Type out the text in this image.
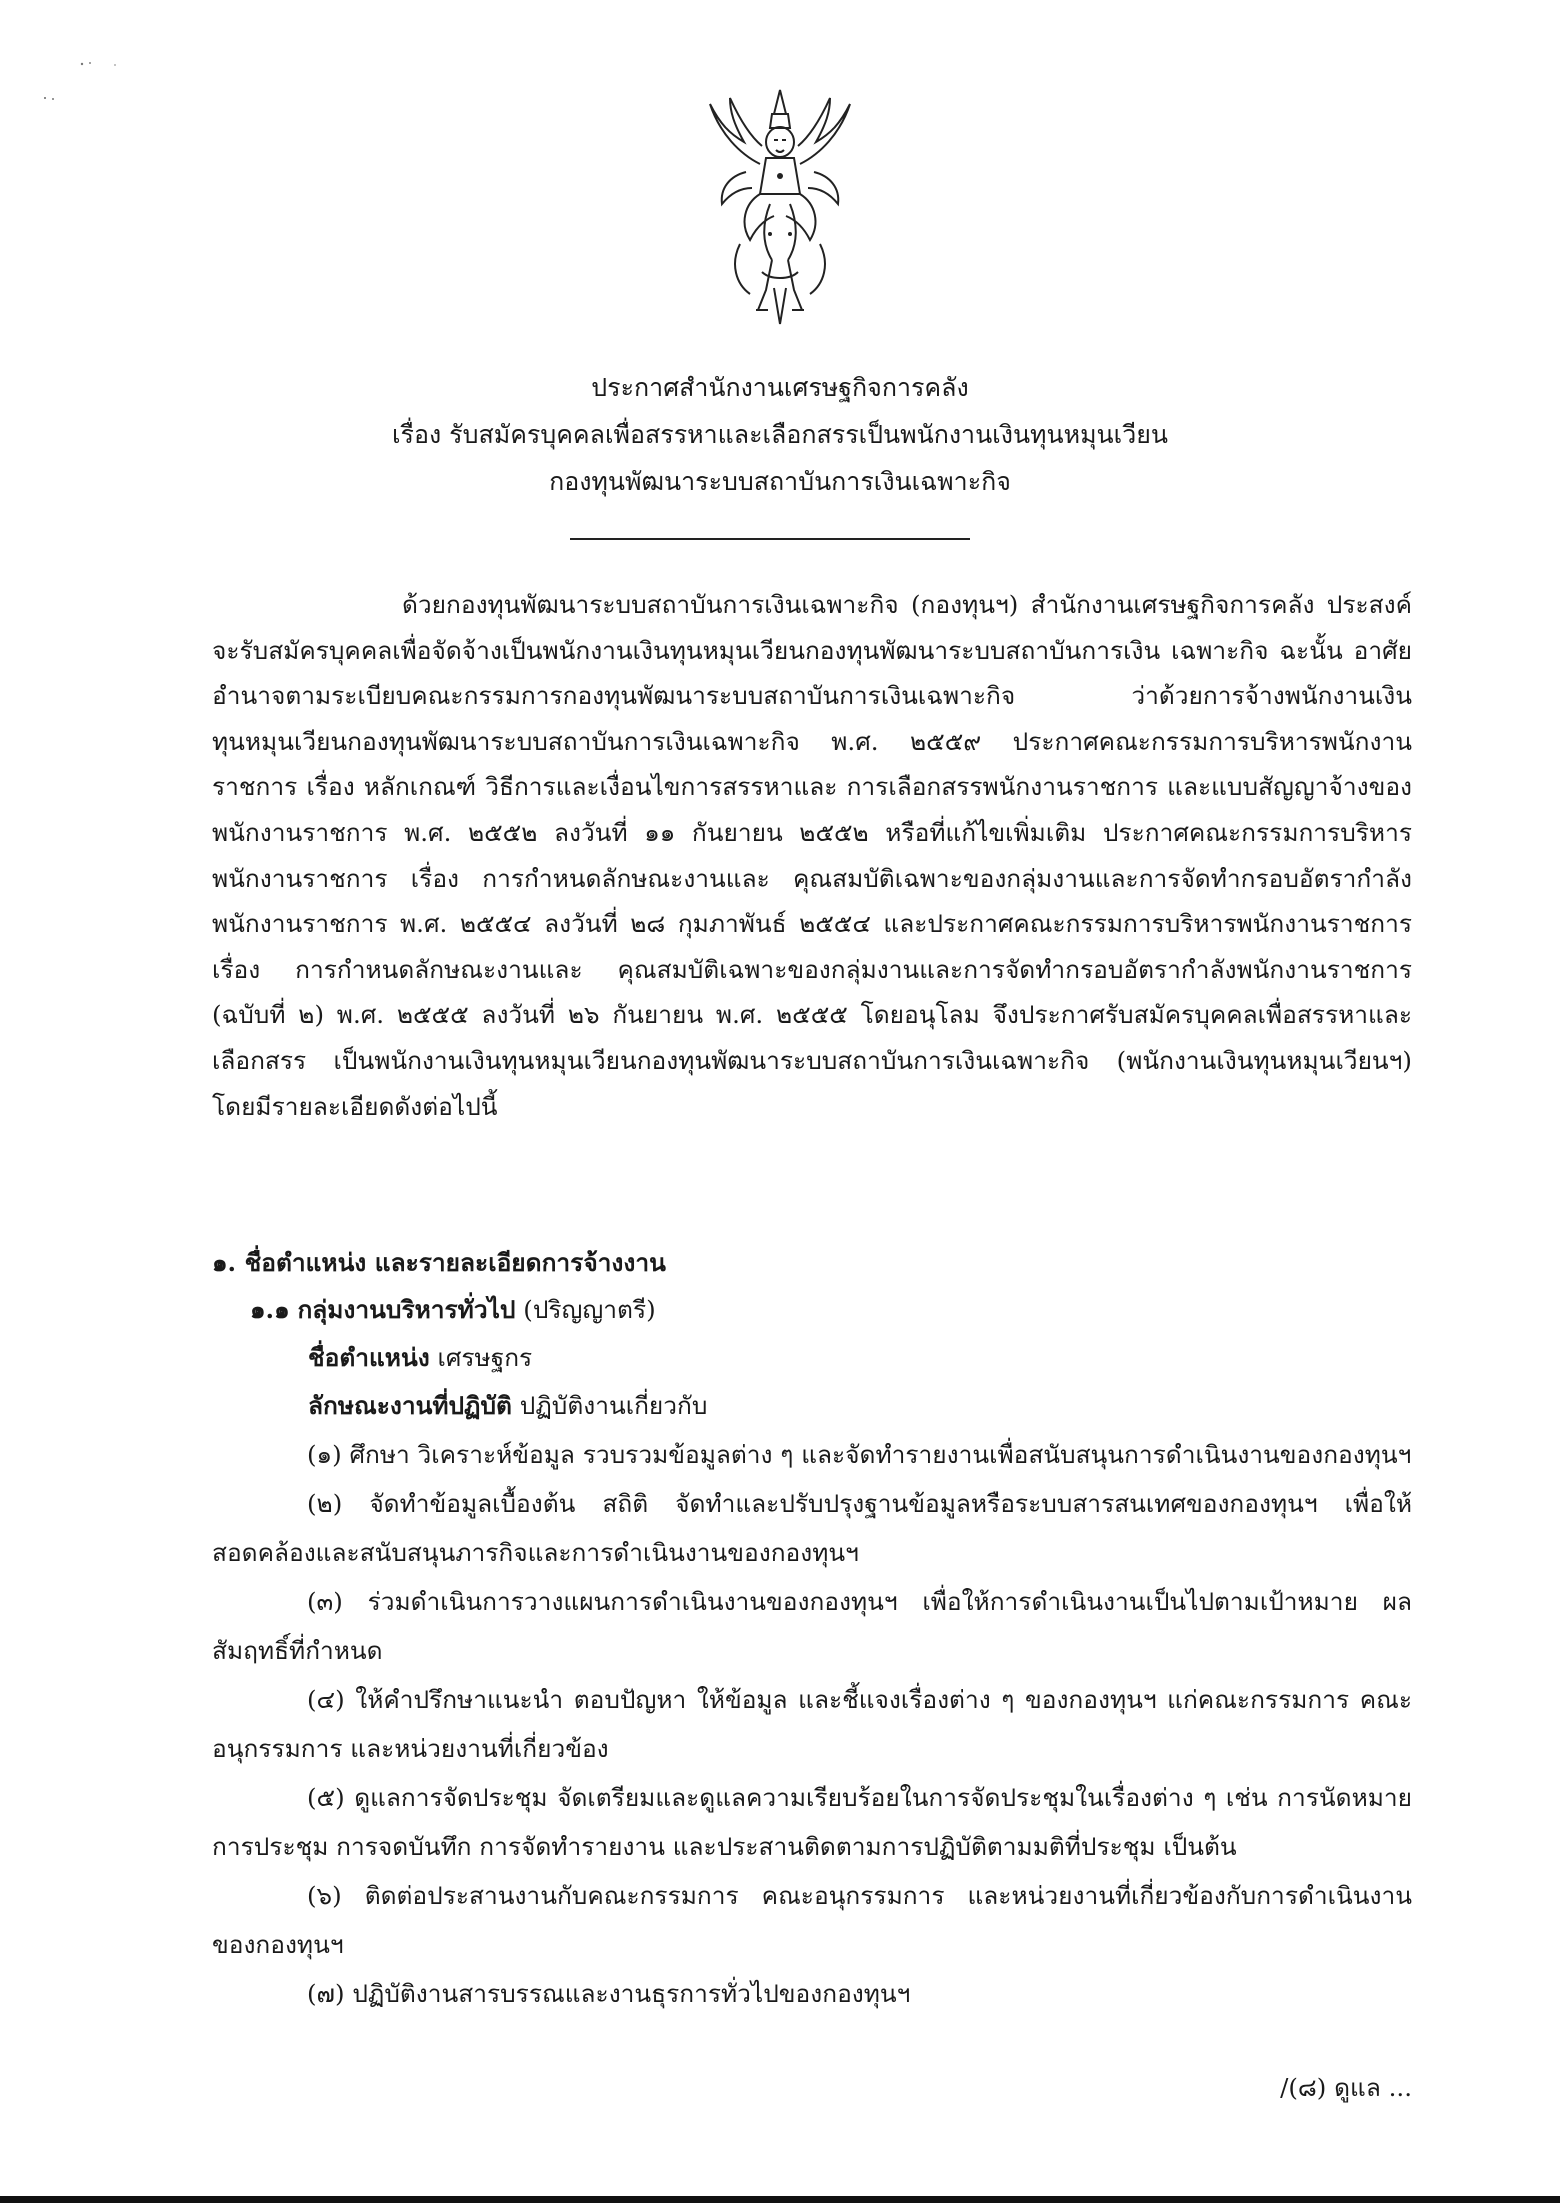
ประกาศสำนักงานเศรษฐกิจการคลัง
เรื่อง รับสมัครบุคคลเพื่อสรรหาและเลือกสรรเป็นพนักงานเงินทุนหมุนเวียน
กองทุนพัฒนาระบบสถาบันการเงินเฉพาะกิจ

ด้วยกองทุนพัฒนาระบบสถาบันการเงินเฉพาะกิจ (กองทุนฯ) สำนักงานเศรษฐกิจการคลัง ประสงค์จะรับสมัครบุคคลเพื่อจัดจ้างเป็นพนักงานเงินทุนหมุนเวียนกองทุนพัฒนาระบบสถาบันการเงิน เฉพาะกิจ ฉะนั้น อาศัยอำนาจตามระเบียบคณะกรรมการกองทุนพัฒนาระบบสถาบันการเงินเฉพาะกิจ ว่าด้วยการจ้างพนักงานเงินทุนหมุนเวียนกองทุนพัฒนาระบบสถาบันการเงินเฉพาะกิจ พ.ศ. ๒๕๕๙ ประกาศคณะกรรมการบริหารพนักงานราชการ เรื่อง หลักเกณฑ์ วิธีการและเงื่อนไขการสรรหาและ การเลือกสรรพนักงานราชการ และแบบสัญญาจ้างของพนักงานราชการ พ.ศ. ๒๕๕๒ ลงวันที่ ๑๑ กันยายน ๒๕๕๒ หรือที่แก้ไขเพิ่มเติม ประกาศคณะกรรมการบริหารพนักงานราชการ เรื่อง การกำหนดลักษณะงานและ คุณสมบัติเฉพาะของกลุ่มงานและการจัดทำกรอบอัตรากำลังพนักงานราชการ พ.ศ. ๒๕๕๔ ลงวันที่ ๒๘ กุมภาพันธ์ ๒๕๕๔ และประกาศคณะกรรมการบริหารพนักงานราชการ เรื่อง การกำหนดลักษณะงานและ คุณสมบัติเฉพาะของกลุ่มงานและการจัดทำกรอบอัตรากำลังพนักงานราชการ (ฉบับที่ ๒) พ.ศ. ๒๕๕๕ ลงวันที่ ๒๖ กันยายน พ.ศ. ๒๕๕๕ โดยอนุโลม จึงประกาศรับสมัครบุคคลเพื่อสรรหาและเลือกสรร เป็นพนักงานเงินทุนหมุนเวียนกองทุนพัฒนาระบบสถาบันการเงินเฉพาะกิจ (พนักงานเงินทุนหมุนเวียนฯ) โดยมีรายละเอียดดังต่อไปนี้

๑. ชื่อตำแหน่ง และรายละเอียดการจ้างงาน
๑.๑ กลุ่มงานบริหารทั่วไป (ปริญญาตรี)
ชื่อตำแหน่ง เศรษฐกร
ลักษณะงานที่ปฏิบัติ ปฏิบัติงานเกี่ยวกับ
(๑) ศึกษา วิเคราะห์ข้อมูล รวบรวมข้อมูลต่าง ๆ และจัดทำรายงานเพื่อสนับสนุนการดำเนินงานของกองทุนฯ
(๒) จัดทำข้อมูลเบื้องต้น สถิติ จัดทำและปรับปรุงฐานข้อมูลหรือระบบสารสนเทศของกองทุนฯ เพื่อให้ สอดคล้องและสนับสนุนภารกิจและการดำเนินงานของกองทุนฯ
(๓) ร่วมดำเนินการวางแผนการดำเนินงานของกองทุนฯ เพื่อให้การดำเนินงานเป็นไปตามเป้าหมาย ผลสัมฤทธิ์ที่กำหนด
(๔) ให้คำปรึกษาแนะนำ ตอบปัญหา ให้ข้อมูล และชี้แจงเรื่องต่าง ๆ ของกองทุนฯ แก่คณะกรรมการ คณะอนุกรรมการ และหน่วยงานที่เกี่ยวข้อง
(๕) ดูแลการจัดประชุม จัดเตรียมและดูแลความเรียบร้อยในการจัดประชุมในเรื่องต่าง ๆ เช่น การนัดหมาย การประชุม การจดบันทึก การจัดทำรายงาน และประสานติดตามการปฏิบัติตามมติที่ประชุม เป็นต้น
(๖) ติดต่อประสานงานกับคณะกรรมการ คณะอนุกรรมการ และหน่วยงานที่เกี่ยวข้องกับการดำเนินงาน ของกองทุนฯ
(๗) ปฏิบัติงานสารบรรณและงานธุรการทั่วไปของกองทุนฯ
/(๘) ดูแล ...
